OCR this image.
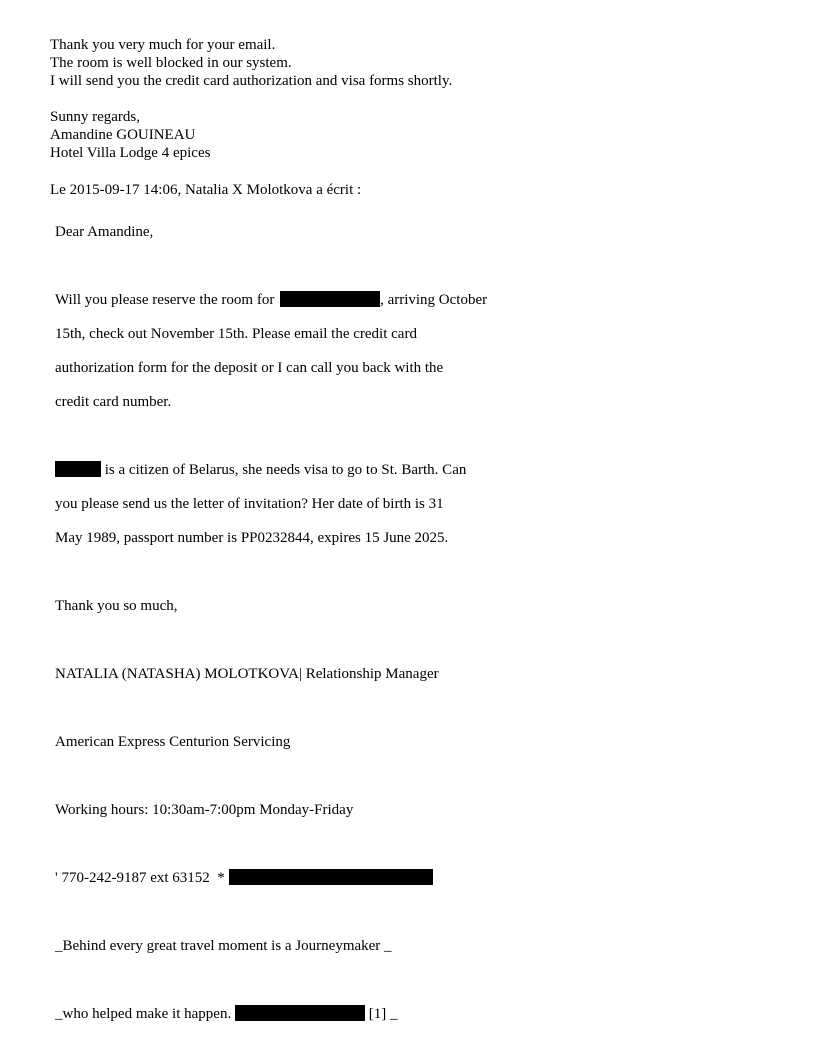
Thank you very much for your email.
The room is well blocked in our system.
I will send you the credit card authorization and visa forms shortly.
Sunny regards,
Amandine GOUINEAU
Hotel Villa Lodge 4 epices
Le 2015-09-17 14:06, Natalia X Molotkova a écrit :
Dear Amandine,
Will you please reserve the room for	, arriving October
15th, check out November 15th. Please email the credit card
authorization form for the deposit or I can call you back with the
credit card number.
is a citizen of Belarus, she needs visa to go to St. Barth. Can
you please send us the letter of invitation? Her date of birth is 31
May 1989, passport number is PP0232844, expires 15 June 2025.
Thank you so much,
NATALIA (NATASHA) MOLOTKOVA| Relationship Manager
American Express Centurion Servicing
Working hours: 10:30am-7:00pm Monday-Friday
' 770-242-9187 ext 63152  *
_Behind every great travel moment is a Journeymaker _
_who helped make it happen.	[1] _
